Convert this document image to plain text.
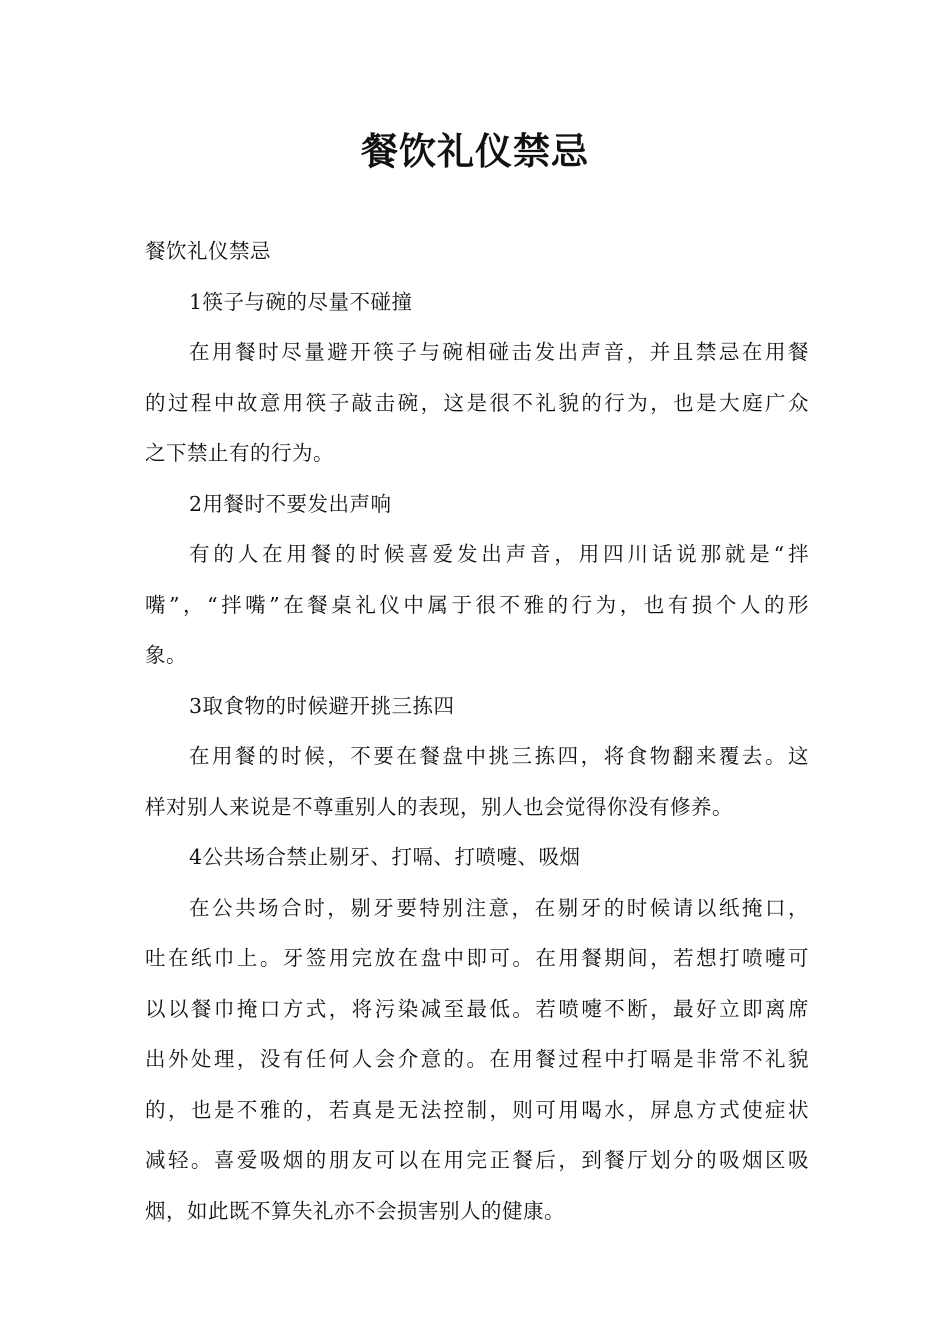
餐饮礼仪禁忌
餐饮礼仪禁忌
1筷子与碗的尽量不碰撞
在用餐时尽量避开筷子与碗相碰击发出声音，并且禁忌在用餐
的过程中故意用筷子敲击碗，这是很不礼貌的行为，也是大庭广众
之下禁止有的行为。
2用餐时不要发出声响
有的人在用餐的时候喜爱发出声音，用四川话说那就是“拌
嘴”，“拌嘴”在餐桌礼仪中属于很不雅的行为，也有损个人的形
象。
3取食物的时候避开挑三拣四
在用餐的时候，不要在餐盘中挑三拣四，将食物翻来覆去。这
样对别人来说是不尊重别人的表现，别人也会觉得你没有修养。
4公共场合禁止剔牙、打嗝、打喷嚏、吸烟
在公共场合时，剔牙要特别注意，在剔牙的时候请以纸掩口，
吐在纸巾上。牙签用完放在盘中即可。在用餐期间，若想打喷嚏可
以以餐巾掩口方式，将污染减至最低。若喷嚏不断，最好立即离席
出外处理，没有任何人会介意的。在用餐过程中打嗝是非常不礼貌
的，也是不雅的，若真是无法控制，则可用喝水，屏息方式使症状
减轻。喜爱吸烟的朋友可以在用完正餐后，到餐厅划分的吸烟区吸
烟，如此既不算失礼亦不会损害别人的健康。
